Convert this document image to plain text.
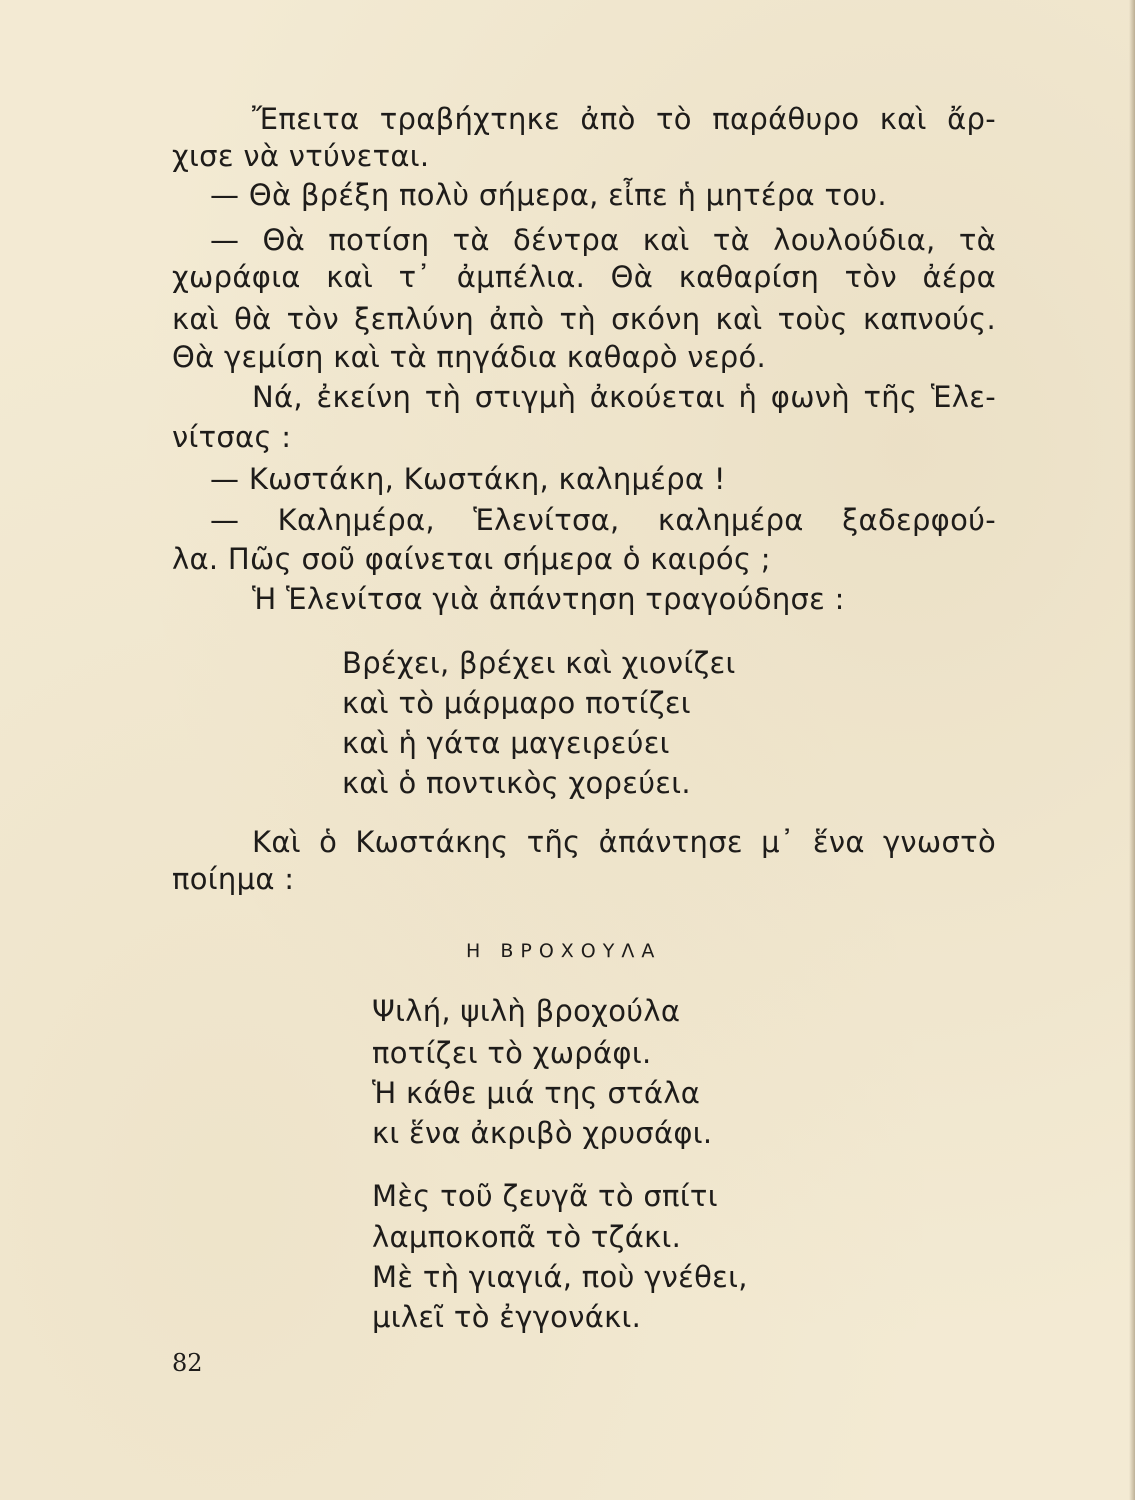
Ἔπειτα τραβήχτηκε ἀπὸ τὸ παράθυρο καὶ ἄρ-
χισε νὰ ντύνεται.
— Θὰ βρέξη πολὺ σήμερα, εἶπε ἡ μητέρα του.
— Θὰ ποτίση τὰ δέντρα καὶ τὰ λουλούδια, τὰ
χωράφια καὶ τ᾽ ἀμπέλια. Θὰ καθαρίση τὸν ἀέρα
καὶ θὰ τὸν ξεπλύνη ἀπὸ τὴ σκόνη καὶ τοὺς καπνούς.
Θὰ γεμίση καὶ τὰ πηγάδια καθαρὸ νερό.
Νά, ἐκείνη τὴ στιγμὴ ἀκούεται ἡ φωνὴ τῆς Ἑλε-
νίτσας :
— Κωστάκη, Κωστάκη, καλημέρα !
— Καλημέρα, Ἑλενίτσα, καλημέρα ξαδερφού-
λα. Πῶς σοῦ φαίνεται σήμερα ὁ καιρός ;
Ἡ Ἑλενίτσα γιὰ ἀπάντηση τραγούδησε :
Βρέχει, βρέχει καὶ χιονίζει
καὶ τὸ μάρμαρο ποτίζει
καὶ ἡ γάτα μαγειρεύει
καὶ ὁ ποντικὸς χορεύει.
Καὶ ὁ Κωστάκης τῆς ἀπάντησε μ᾽ ἕνα γνωστὸ
ποίημα :
Η ΒΡΟΧΟΥΛΑ
Ψιλή, ψιλὴ βροχούλα
ποτίζει τὸ χωράφι.
Ἡ κάθε μιά της στάλα
κι ἕνα ἀκριβὸ χρυσάφι.
Μὲς τοῦ ζευγᾶ τὸ σπίτι
λαμποκοπᾶ τὸ τζάκι.
Μὲ τὴ γιαγιά, ποὺ γνέθει,
μιλεῖ τὸ ἐγγονάκι.
82
